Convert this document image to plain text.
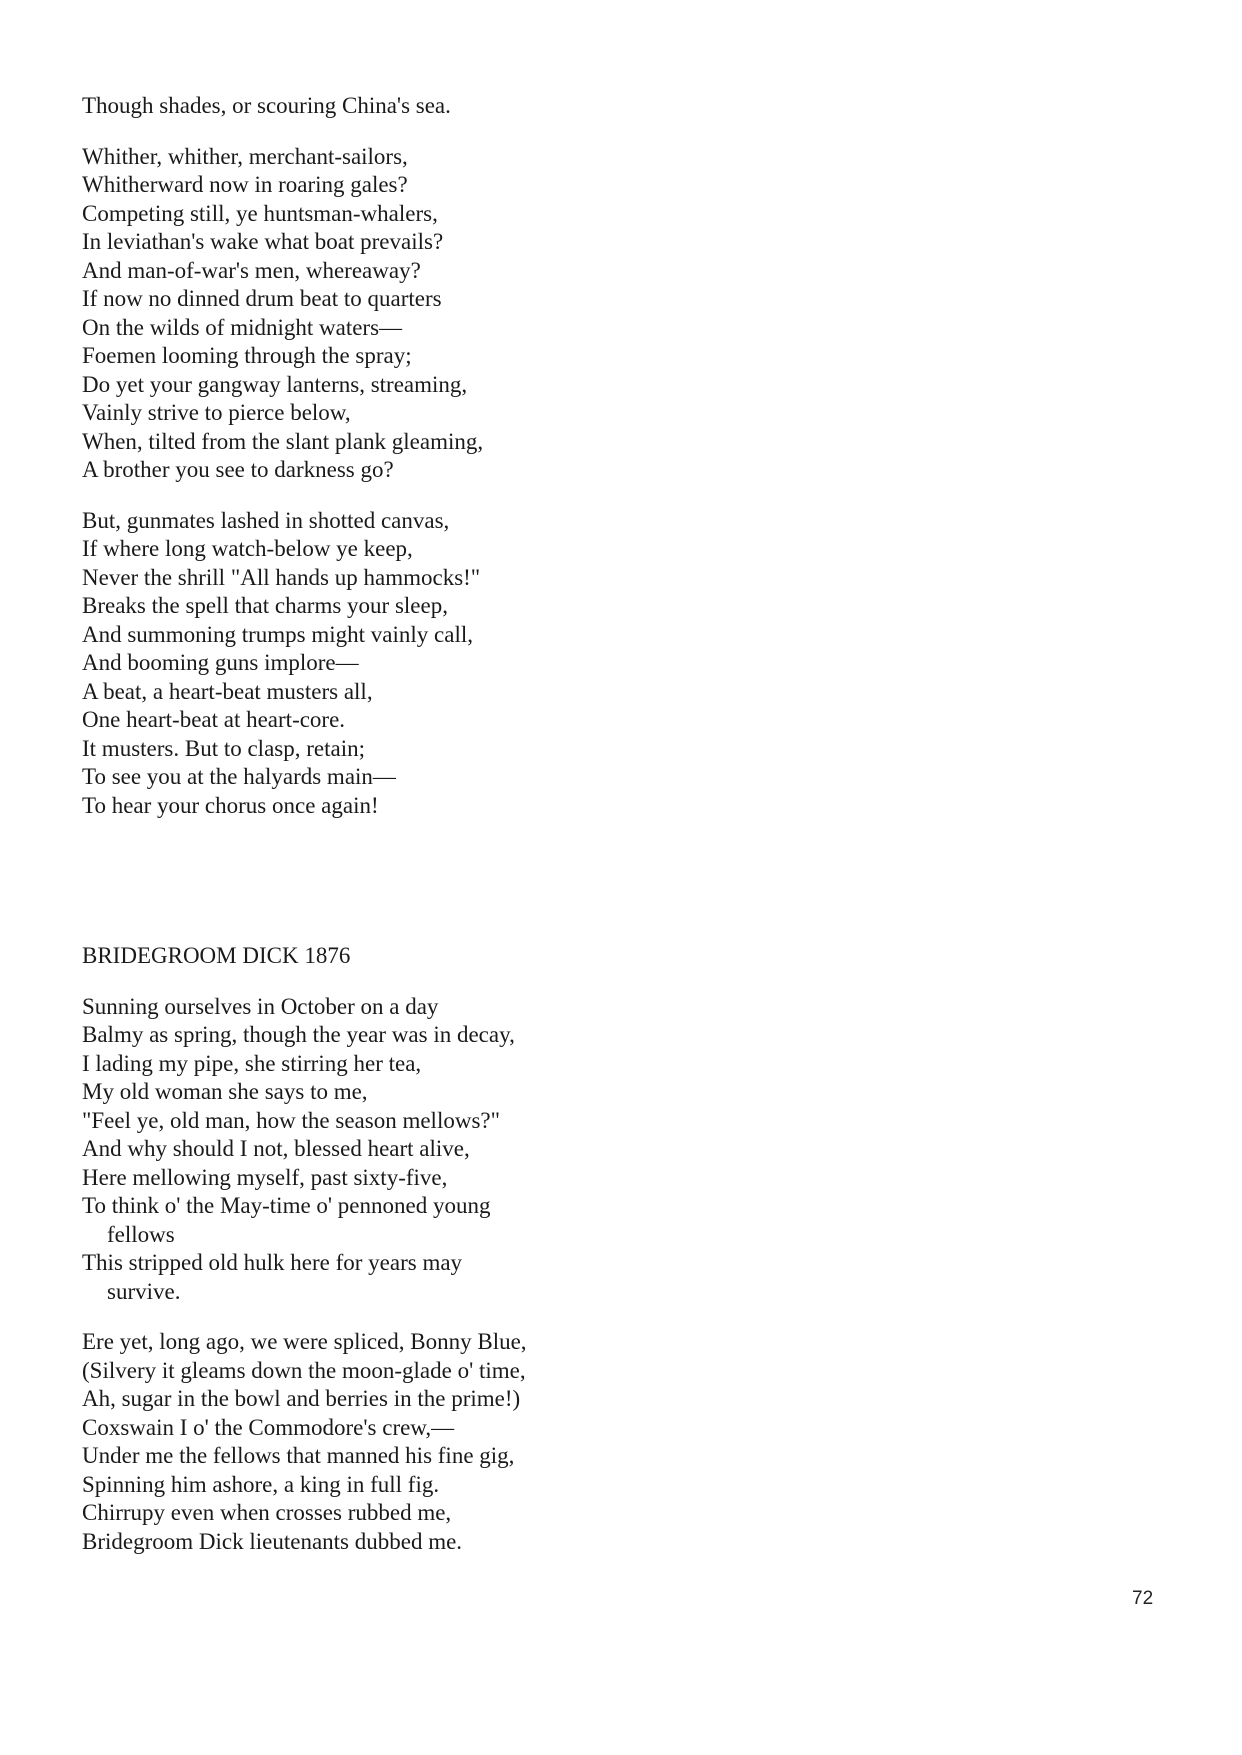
Though shades, or scouring China's sea.
Whither, whither, merchant-sailors,
Whitherward now in roaring gales?
Competing still, ye huntsman-whalers,
In leviathan's wake what boat prevails?
And man-of-war's men, whereaway?
If now no dinned drum beat to quarters
On the wilds of midnight waters—
Foemen looming through the spray;
Do yet your gangway lanterns, streaming,
Vainly strive to pierce below,
When, tilted from the slant plank gleaming,
A brother you see to darkness go?
But, gunmates lashed in shotted canvas,
If where long watch-below ye keep,
Never the shrill "All hands up hammocks!"
Breaks the spell that charms your sleep,
And summoning trumps might vainly call,
And booming guns implore—
A beat, a heart-beat musters all,
One heart-beat at heart-core.
It musters. But to clasp, retain;
To see you at the halyards main—
To hear your chorus once again!
BRIDEGROOM DICK 1876
Sunning ourselves in October on a day
Balmy as spring, though the year was in decay,
I lading my pipe, she stirring her tea,
My old woman she says to me,
"Feel ye, old man, how the season mellows?"
And why should I not, blessed heart alive,
Here mellowing myself, past sixty-five,
To think o' the May-time o' pennoned young
fellows
This stripped old hulk here for years may
survive.
Ere yet, long ago, we were spliced, Bonny Blue,
(Silvery it gleams down the moon-glade o' time,
Ah, sugar in the bowl and berries in the prime!)
Coxswain I o' the Commodore's crew,—
Under me the fellows that manned his fine gig,
Spinning him ashore, a king in full fig.
Chirrupy even when crosses rubbed me,
Bridegroom Dick lieutenants dubbed me.
72
